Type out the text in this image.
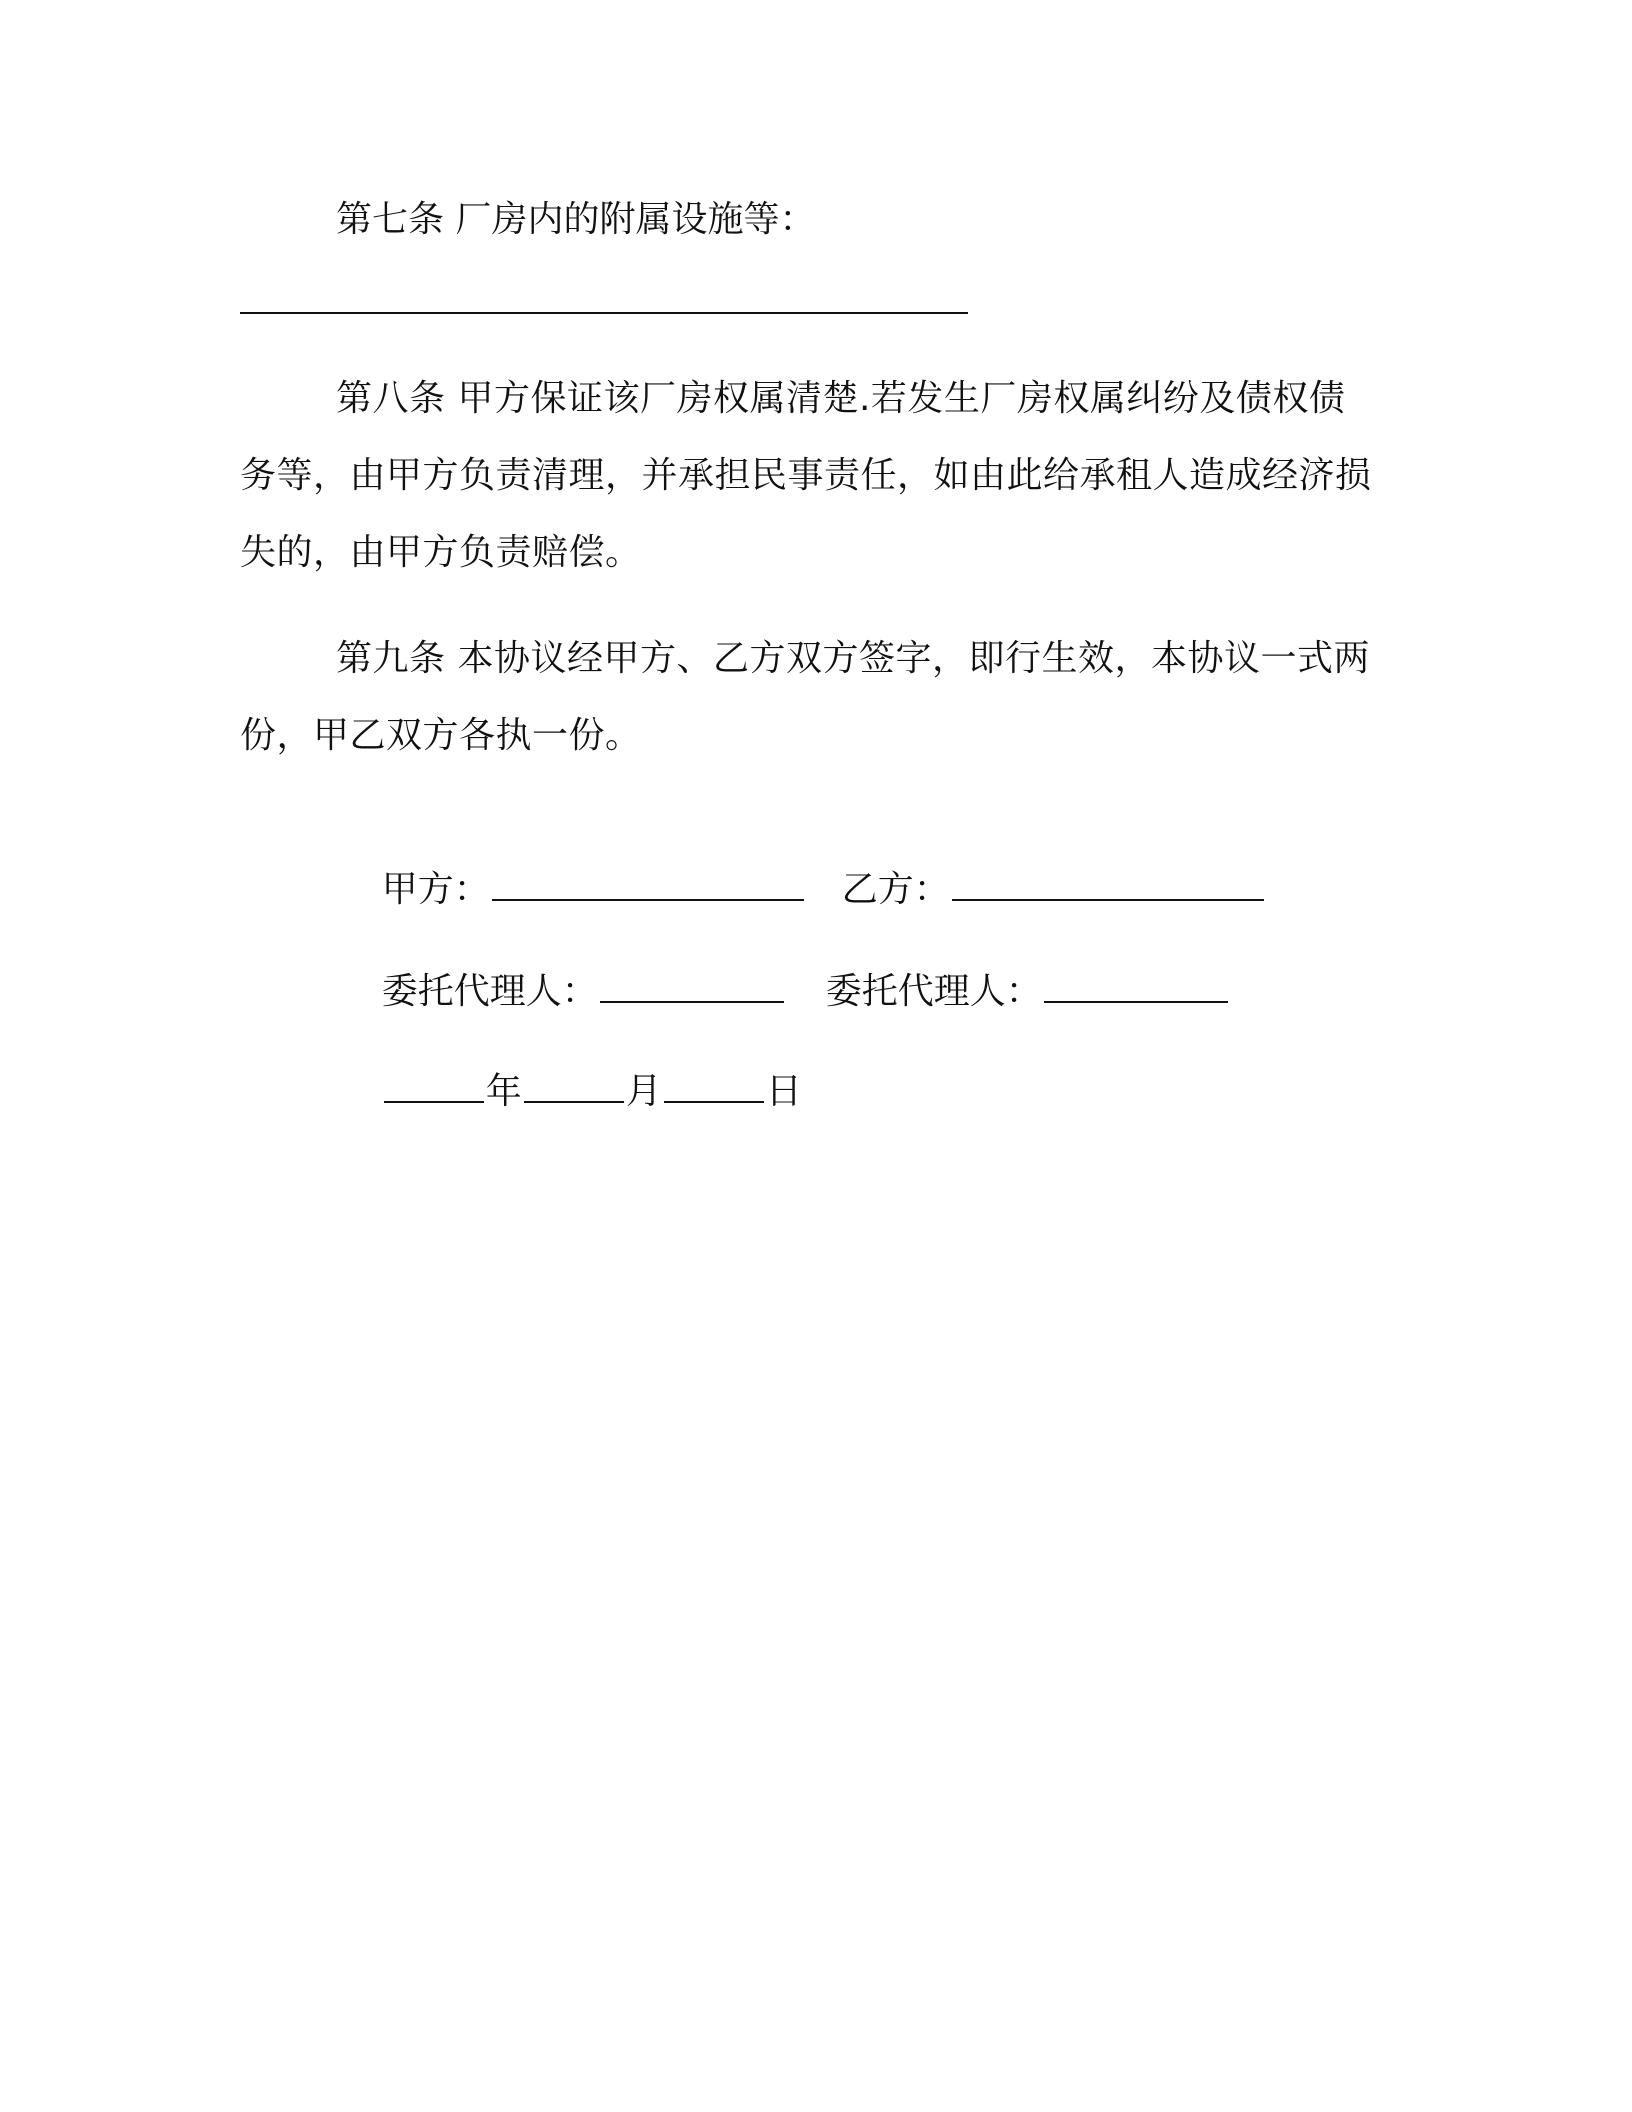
第七条 厂房内的附属设施等：
第八条 甲方保证该厂房权属清楚.若发生厂房权属纠纷及债权债务等，由甲方负责清理，并承担民事责任，如由此给承租人造成经济损失的，由甲方负责赔偿。
第九条 本协议经甲方、乙方双方签字，即行生效，本协议一式两份，甲乙双方各执一份。

甲方：
	乙方：

委托代理人：
	委托代理人：

年	月	日
